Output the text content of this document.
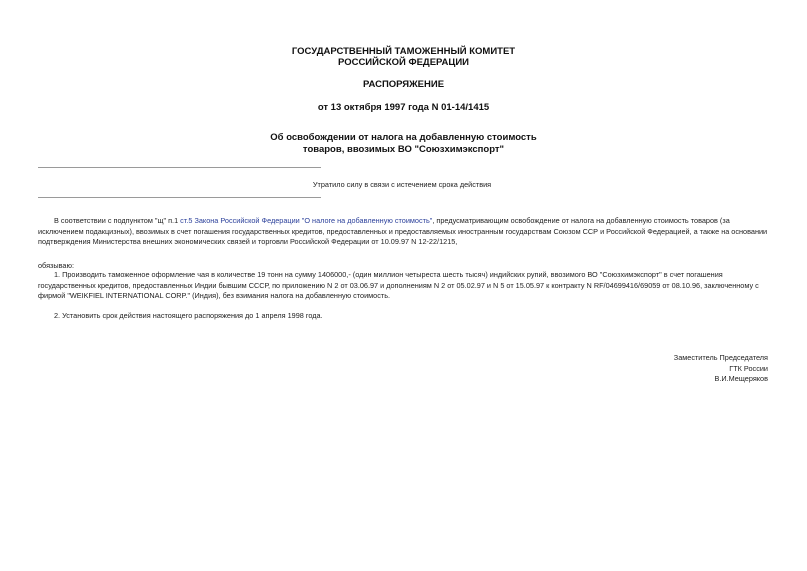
ГОСУДАРСТВЕННЫЙ ТАМОЖЕННЫЙ КОМИТЕТ
РОССИЙСКОЙ ФЕДЕРАЦИИ
РАСПОРЯЖЕНИЕ
от 13 октября 1997 года N 01-14/1415
Об освобождении от налога на добавленную стоимость
товаров, ввозимых ВО "Союзхимэкспорт"
Утратило силу в связи с истечением срока действия
В соответствии с подпунктом "щ" п.1 ст.5 Закона Российской Федерации "О налоге на добавленную стоимость", предусматривающим освобождение от налога на добавленную стоимость товаров (за исключением подакцизных), ввозимых в счет погашения государственных кредитов, предоставленных и предоставляемых иностранным государствам Союзом ССР и Российской Федерацией, а также на основании подтверждения Министерства внешних экономических связей и торговли Российской Федерации от 10.09.97 N 12-22/1215,
обязываю:
1. Производить таможенное оформление чая в количестве 19 тонн на сумму 1406000,- (один миллион четыреста шесть тысяч) индийских рупий, ввозимого ВО "Союзхимэкспорт" в счет погашения государственных кредитов, предоставленных Индии бывшим СССР, по приложению N 2 от 03.06.97 и дополнениям N 2 от 05.02.97 и N 5 от 15.05.97 к контракту N RF/04699416/69059 от 08.10.96, заключенному с фирмой "WEIKFIEL INTERNATIONAL CORP." (Индия), без взимания налога на добавленную стоимость.
2. Установить срок действия настоящего распоряжения до 1 апреля 1998 года.
Заместитель Председателя
ГТК России
В.И.Мещеряков
